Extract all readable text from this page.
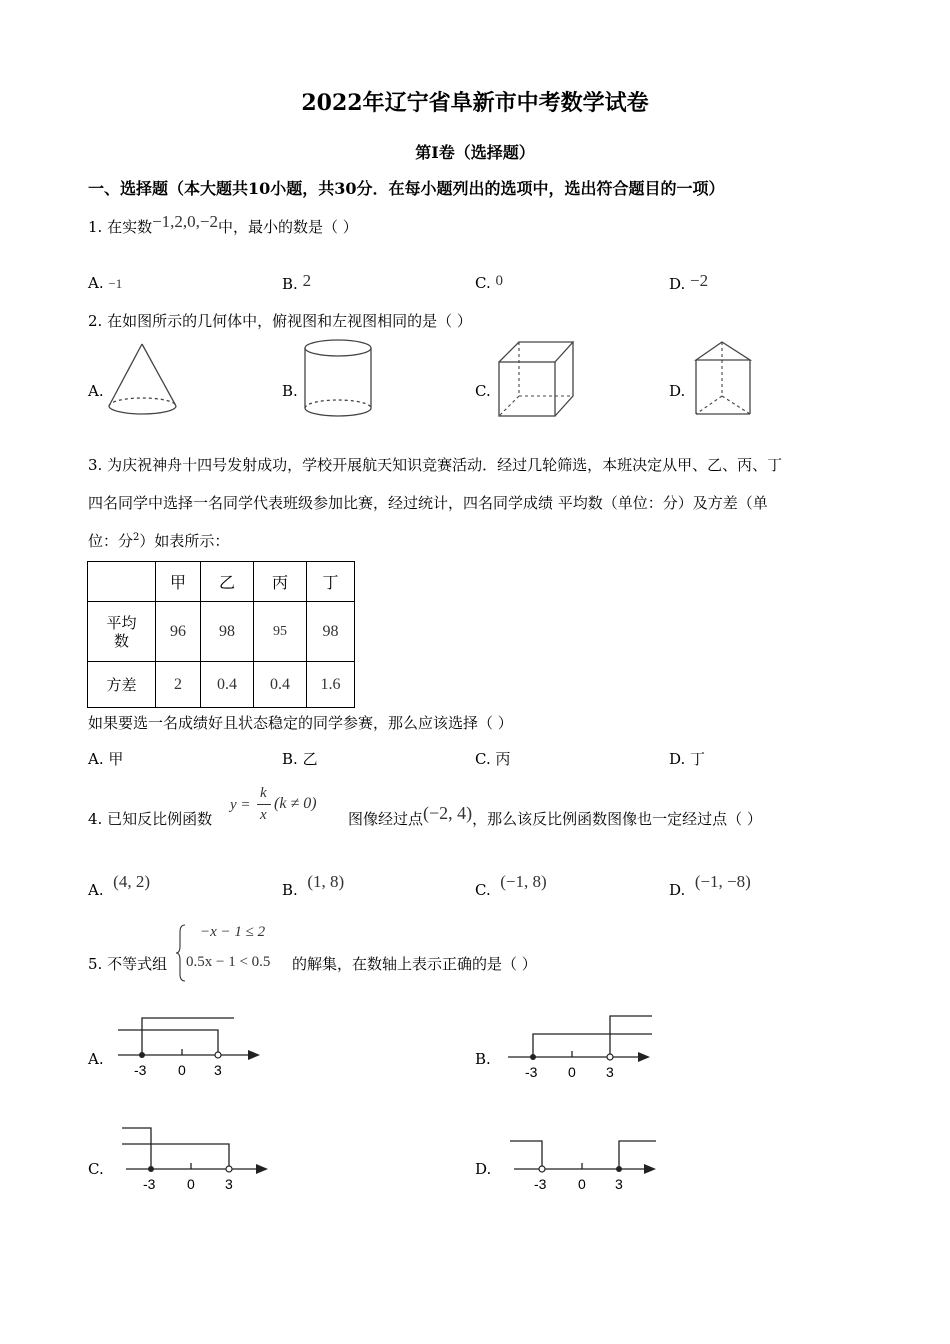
2022年辽宁省阜新市中考数学试卷
第I卷（选择题）
一、选择题（本大题共10小题，共30分．在每小题列出的选项中，选出符合题目的一项）
1. 在实数−1,2,0,−2中，最小的数是（ ）
A. −1	B. 2	C. 0	D. −2
2. 在如图所示的几何体中，俯视图和左视图相同的是（ ）
A.	B.	C.	D.
3. 为庆祝神舟十四号发射成功，学校开展航天知识竞赛活动．经过几轮筛选，本班决定从甲、乙、丙、丁
四名同学中选择一名同学代表班级参加比赛，经过统计，四名同学成绩 平均数（单位：分）及方差（单
位：分$^2$）如表所示：
	甲	乙	丙	丁
平均
数	96	98	95	98
方差	2	0.4	0.4	1.6
如果要选一名成绩好且状态稳定的同学参赛，那么应该选择（ ）
A. 甲	B. 乙	C. 丙	D. 丁
4. 已知反比例函数
y =
k
x
(k ≠ 0)
图像经过点(−2, 4)，那么该反比例函数图像也一定经过点（ ）
A. (4, 2)	B. (1, 8)	C. (−1, 8)	D. (−1, −8)
5. 不等式组
−x − 1 ≤ 2
0.5x − 1 < 0.5 的解集，在数轴上表示正确的是（ ）
A.
-3 0 3
B.
-3 0 3
C.
-3 0 3
D.
-3 0 3
